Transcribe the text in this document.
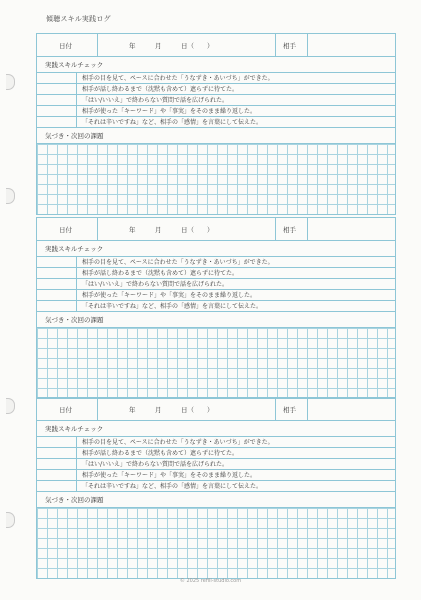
傾聴スキル実践ログ
日付	年	月	日（　　）	相手
実践スキルチェック
相手の目を見て、ペースに合わせた「うなずき・あいづち」ができた。
相手が話し終わるまで（沈黙も含めて）遮らずに待てた。
「はい/いいえ」で終わらない質問で話を広げられた。
相手が使った「キーワード」や「事実」をそのまま繰り返した。
「それは辛いですね」など、相手の「感情」を言葉にして伝えた。
気づき・次回の課題
日付	年	月	日（　　）	相手
実践スキルチェック
相手の目を見て、ペースに合わせた「うなずき・あいづち」ができた。
相手が話し終わるまで（沈黙も含めて）遮らずに待てた。
「はい/いいえ」で終わらない質問で話を広げられた。
相手が使った「キーワード」や「事実」をそのまま繰り返した。
「それは辛いですね」など、相手の「感情」を言葉にして伝えた。
気づき・次回の課題
日付	年	月	日（　　）	相手
実践スキルチェック
相手の目を見て、ペースに合わせた「うなずき・あいづち」ができた。
相手が話し終わるまで（沈黙も含めて）遮らずに待てた。
「はい/いいえ」で終わらない質問で話を広げられた。
相手が使った「キーワード」や「事実」をそのまま繰り返した。
「それは辛いですね」など、相手の「感情」を言葉にして伝えた。
気づき・次回の課題
© 2025 refill-studio.com
